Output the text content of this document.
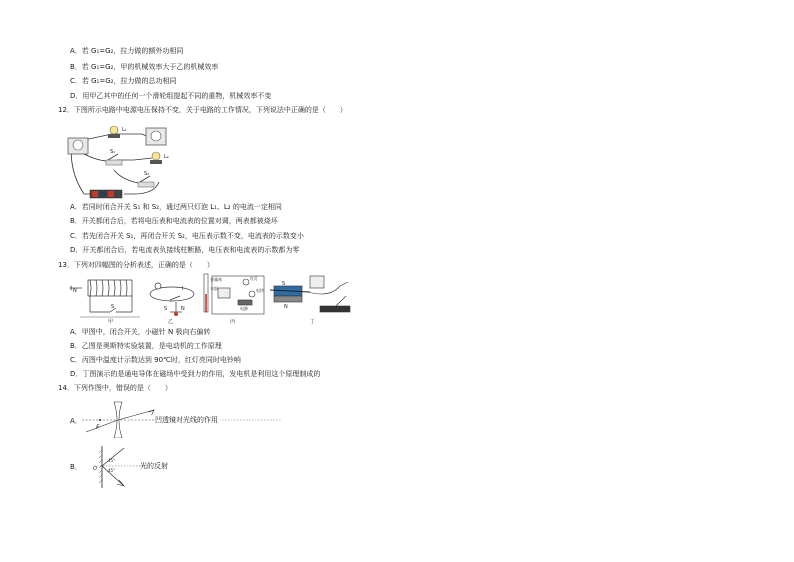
A．若 G₁=G₂，拉力做的额外功相同
B．若 G₁=G₂，甲的机械效率大于乙的机械效率
C．若 G₁=G₂，拉力做的总功相同
D．用甲乙其中的任何一个滑轮组提起不同的重物，机械效率不变
12．下图所示电路中电源电压保持不变，关于电路的工作情况，下列说法中正确的是（　　）
L₁
L₂
S₁
S₂
A．若同时闭合开关 S₁ 和 S₂，通过两只灯泡 L₁、L₂ 的电流一定相同
B．开关都闭合后，若将电压表和电流表的位置对调，两表都被烧坏
C．若先闭合开关 S₁，再闭合开关 S₂，电压表示数不变，电流表的示数变小
D．开关都闭合后，若电流表负接线柱断路，电压表和电流表的示数都为零
13．下列对四幅图的分析表述，正确的是（　　）
N
S
甲
I
S	N
乙
金属丝
水银
电源
红灯
电铃
丙
S
N
丁
A．甲图中，闭合开关，小磁针 N 极向右偏转
B．乙图是奥斯特实验装置，是电动机的工作原理
C．丙图中温度计示数达到 90℃时，红灯亮同时电铃响
D．丁图演示的是通电导体在磁场中受到力的作用，发电机是利用这个原理制成的
14．下列作图中，错误的是（　　）
A．
F
凹透镜对光线的作用
B． O
45°
45°
光的反射
